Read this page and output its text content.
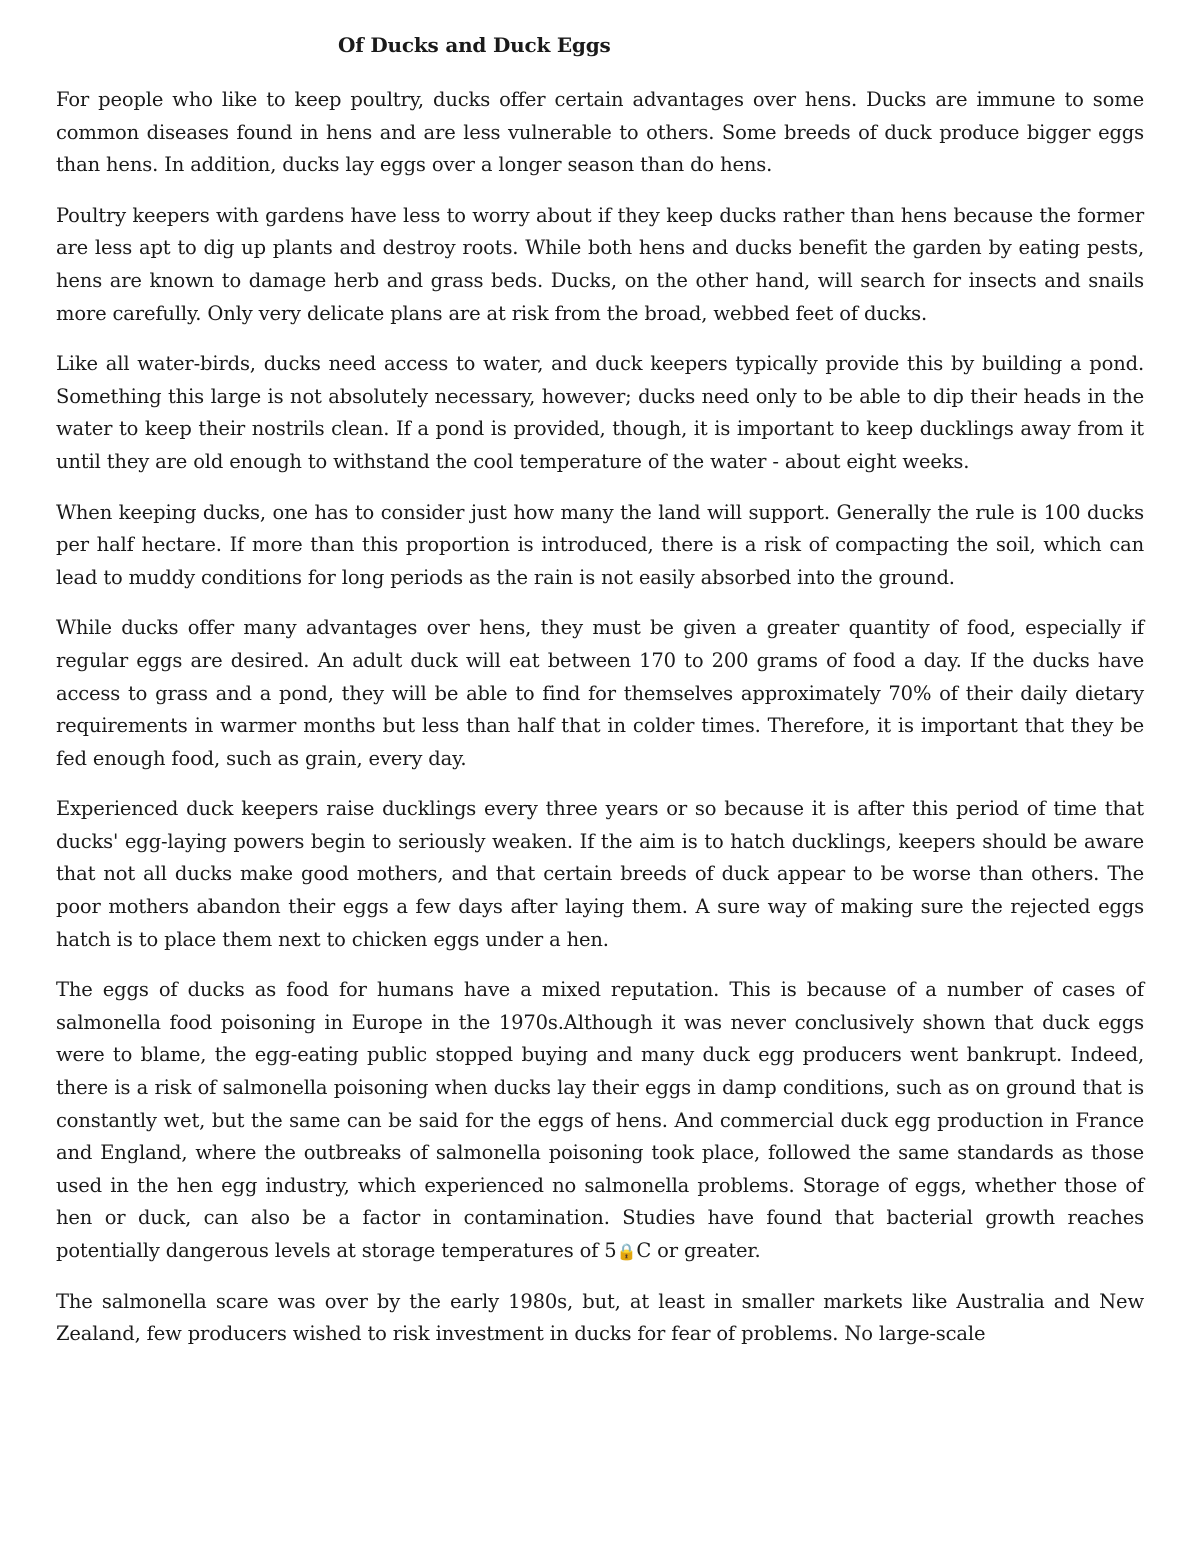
Of Ducks and Duck Eggs

For people who like to keep poultry, ducks offer certain advantages over hens. Ducks are immune to some common diseases found in hens and are less vulnerable to others. Some breeds of duck produce bigger eggs than hens. In addition, ducks lay eggs over a longer season than do hens.

Poultry keepers with gardens have less to worry about if they keep ducks rather than hens because the former are less apt to dig up plants and destroy roots. While both hens and ducks benefit the garden by eating pests, hens are known to damage herb and grass beds. Ducks, on the other hand, will search for insects and snails more carefully. Only very delicate plans are at risk from the broad, webbed feet of ducks.

Like all water-birds, ducks need access to water, and duck keepers typically provide this by building a pond. Something this large is not absolutely necessary, however; ducks need only to be able to dip their heads in the water to keep their nostrils clean. If a pond is provided, though, it is important to keep ducklings away from it until they are old enough to withstand the cool temperature of the water - about eight weeks.

When keeping ducks, one has to consider just how many the land will support. Generally the rule is 100 ducks per half hectare. If more than this proportion is introduced, there is a risk of compacting the soil, which can lead to muddy conditions for long periods as the rain is not easily absorbed into the ground.

While ducks offer many advantages over hens, they must be given a greater quantity of food, especially if regular eggs are desired. An adult duck will eat between 170 to 200 grams of food a day. If the ducks have access to grass and a pond, they will be able to find for themselves approximately 70% of their daily dietary requirements in warmer months but less than half that in colder times. Therefore, it is important that they be fed enough food, such as grain, every day.

Experienced duck keepers raise ducklings every three years or so because it is after this period of time that ducks' egg-laying powers begin to seriously weaken. If the aim is to hatch ducklings, keepers should be aware that not all ducks make good mothers, and that certain breeds of duck appear to be worse than others. The poor mothers abandon their eggs a few days after laying them. A sure way of making sure the rejected eggs hatch is to place them next to chicken eggs under a hen.

The eggs of ducks as food for humans have a mixed reputation. This is because of a number of cases of salmonella food poisoning in Europe in the 1970s.Although it was never conclusively shown that duck eggs were to blame, the egg-eating public stopped buying and many duck egg producers went bankrupt. Indeed, there is a risk of salmonella poisoning when ducks lay their eggs in damp conditions, such as on ground that is constantly wet, but the same can be said for the eggs of hens. And commercial duck egg production in France and England, where the outbreaks of salmonella poisoning took place, followed the same standards as those used in the hen egg industry, which experienced no salmonella problems. Storage of eggs, whether those of hen or duck, can also be a factor in contamination. Studies have found that bacterial growth reaches potentially dangerous levels at storage temperatures of 5🔒C or greater.

The salmonella scare was over by the early 1980s, but, at least in smaller markets like Australia and New Zealand, few producers wished to risk investment in ducks for fear of problems. No large-scale
